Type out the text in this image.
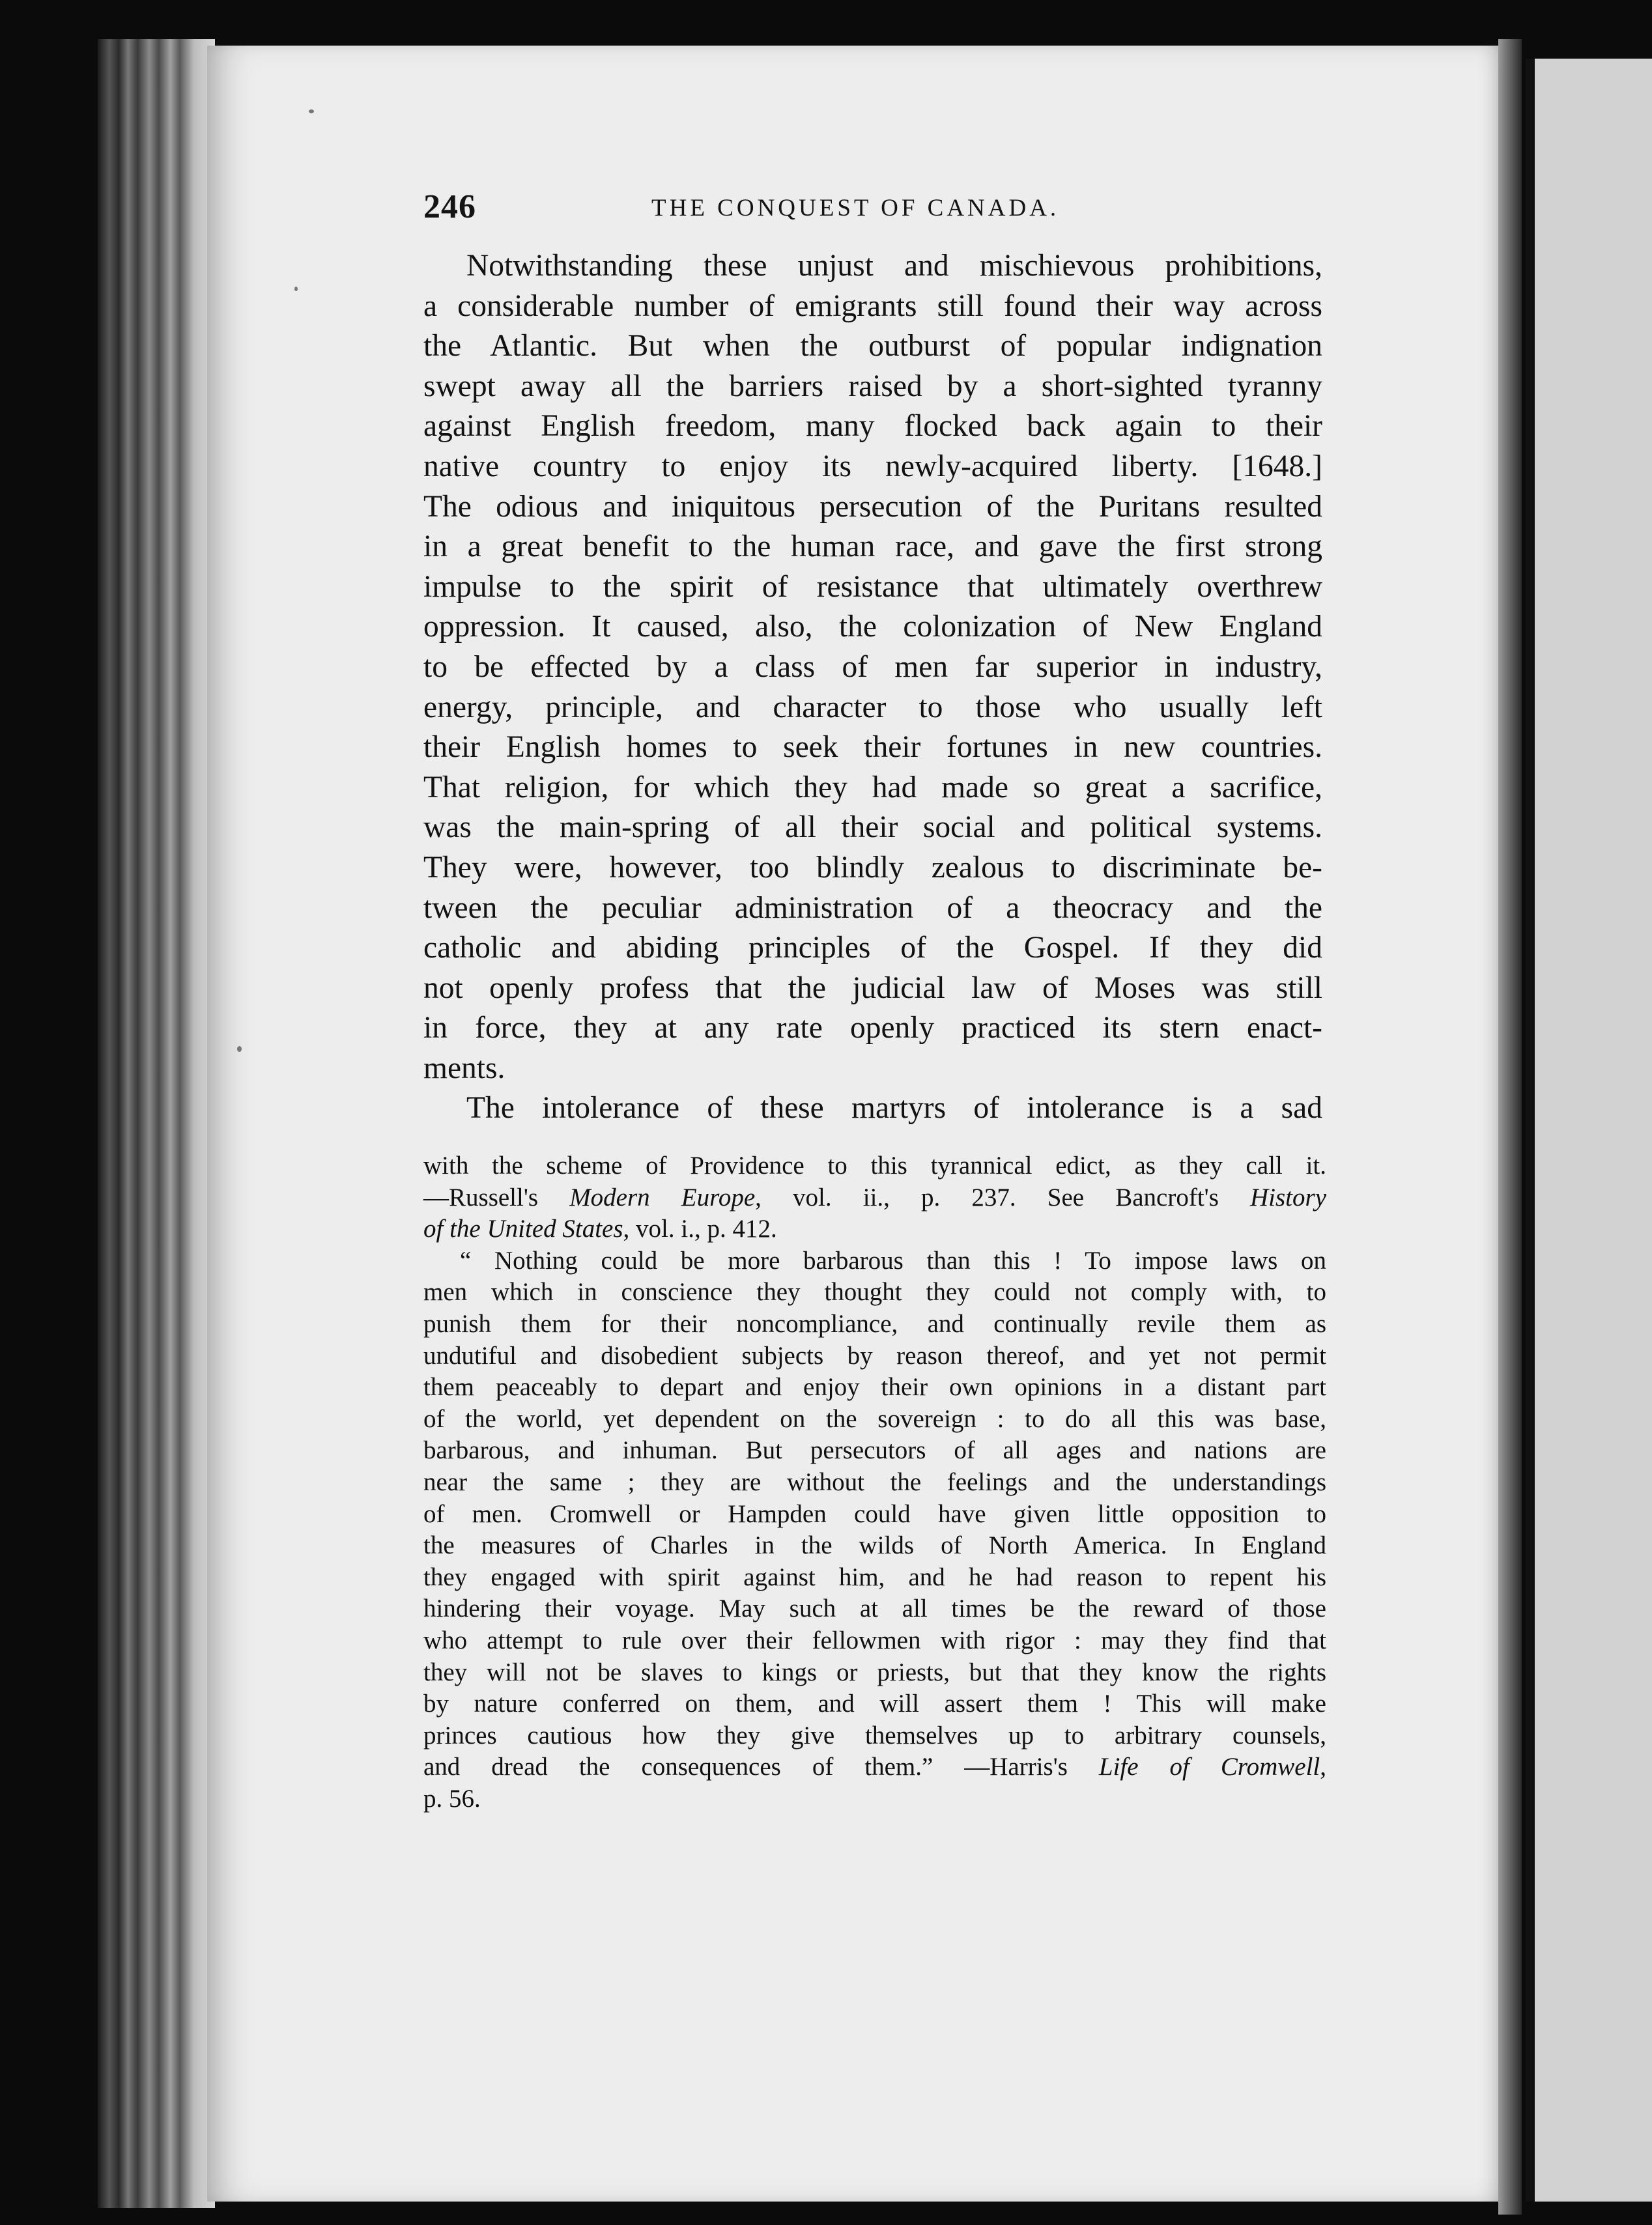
246	THE CONQUEST OF CANADA.
Notwithstanding these unjust and mischievous prohibitions,
a considerable number of emigrants still found their way across
the Atlantic. But when the outburst of popular indignation
swept away all the barriers raised by a short-sighted tyranny
against English freedom, many flocked back again to their
native country to enjoy its newly-acquired liberty. [1648.]
The odious and iniquitous persecution of the Puritans resulted
in a great benefit to the human race, and gave the first strong
impulse to the spirit of resistance that ultimately overthrew
oppression. It caused, also, the colonization of New England
to be effected by a class of men far superior in industry,
energy, principle, and character to those who usually left
their English homes to seek their fortunes in new countries.
That religion, for which they had made so great a sacrifice,
was the main-spring of all their social and political systems.
They were, however, too blindly zealous to discriminate be-
tween the peculiar administration of a theocracy and the
catholic and abiding principles of the Gospel. If they did
not openly profess that the judicial law of Moses was still
in force, they at any rate openly practiced its stern enact-
ments.
The intolerance of these martyrs of intolerance is a sad
with the scheme of Providence to this tyrannical edict, as they call it.
—Russell's Modern Europe, vol. ii., p. 237. See Bancroft's History
of the United States, vol. i., p. 412.
“ Nothing could be more barbarous than this ! To impose laws on
men which in conscience they thought they could not comply with, to
punish them for their noncompliance, and continually revile them as
undutiful and disobedient subjects by reason thereof, and yet not permit
them peaceably to depart and enjoy their own opinions in a distant part
of the world, yet dependent on the sovereign : to do all this was base,
barbarous, and inhuman. But persecutors of all ages and nations are
near the same ; they are without the feelings and the understandings
of men. Cromwell or Hampden could have given little opposition to
the measures of Charles in the wilds of North America. In England
they engaged with spirit against him, and he had reason to repent his
hindering their voyage. May such at all times be the reward of those
who attempt to rule over their fellowmen with rigor : may they find that
they will not be slaves to kings or priests, but that they know the rights
by nature conferred on them, and will assert them ! This will make
princes cautious how they give themselves up to arbitrary counsels,
and dread the consequences of them.” —Harris's Life of Cromwell,
p. 56.
